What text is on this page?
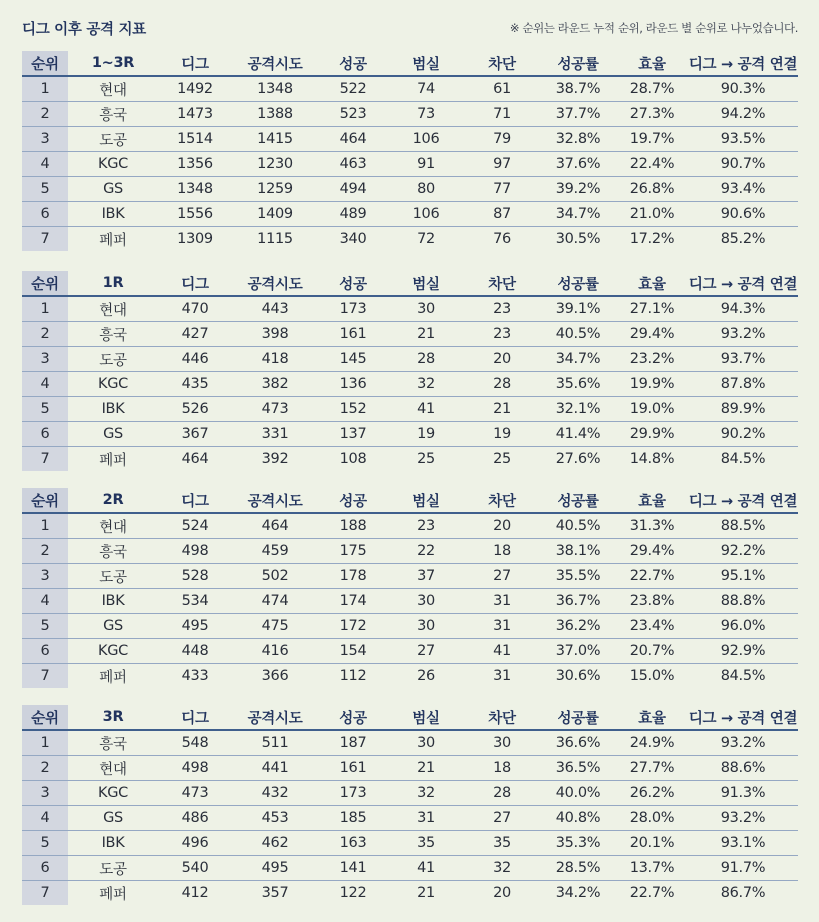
디그 이후 공격 지표	※ 순위는 라운드 누적 순위, 라운드 별 순위로 나누었습니다.
순위	1~3R	디그	공격시도	성공	범실	차단	성공률	효율	디그 → 공격 연결
1	현대	1492	1348	522	74	61	38.7%	28.7%	90.3%
2	흥국	1473	1388	523	73	71	37.7%	27.3%	94.2%
3	도공	1514	1415	464	106	79	32.8%	19.7%	93.5%
4	KGC	1356	1230	463	91	97	37.6%	22.4%	90.7%
5	GS	1348	1259	494	80	77	39.2%	26.8%	93.4%
6	IBK	1556	1409	489	106	87	34.7%	21.0%	90.6%
7	페퍼	1309	1115	340	72	76	30.5%	17.2%	85.2%
순위	1R	디그	공격시도	성공	범실	차단	성공률	효율	디그 → 공격 연결
1	현대	470	443	173	30	23	39.1%	27.1%	94.3%
2	흥국	427	398	161	21	23	40.5%	29.4%	93.2%
3	도공	446	418	145	28	20	34.7%	23.2%	93.7%
4	KGC	435	382	136	32	28	35.6%	19.9%	87.8%
5	IBK	526	473	152	41	21	32.1%	19.0%	89.9%
6	GS	367	331	137	19	19	41.4%	29.9%	90.2%
7	페퍼	464	392	108	25	25	27.6%	14.8%	84.5%
순위	2R	디그	공격시도	성공	범실	차단	성공률	효율	디그 → 공격 연결
1	현대	524	464	188	23	20	40.5%	31.3%	88.5%
2	흥국	498	459	175	22	18	38.1%	29.4%	92.2%
3	도공	528	502	178	37	27	35.5%	22.7%	95.1%
4	IBK	534	474	174	30	31	36.7%	23.8%	88.8%
5	GS	495	475	172	30	31	36.2%	23.4%	96.0%
6	KGC	448	416	154	27	41	37.0%	20.7%	92.9%
7	페퍼	433	366	112	26	31	30.6%	15.0%	84.5%
순위	3R	디그	공격시도	성공	범실	차단	성공률	효율	디그 → 공격 연결
1	흥국	548	511	187	30	30	36.6%	24.9%	93.2%
2	현대	498	441	161	21	18	36.5%	27.7%	88.6%
3	KGC	473	432	173	32	28	40.0%	26.2%	91.3%
4	GS	486	453	185	31	27	40.8%	28.0%	93.2%
5	IBK	496	462	163	35	35	35.3%	20.1%	93.1%
6	도공	540	495	141	41	32	28.5%	13.7%	91.7%
7	페퍼	412	357	122	21	20	34.2%	22.7%	86.7%
